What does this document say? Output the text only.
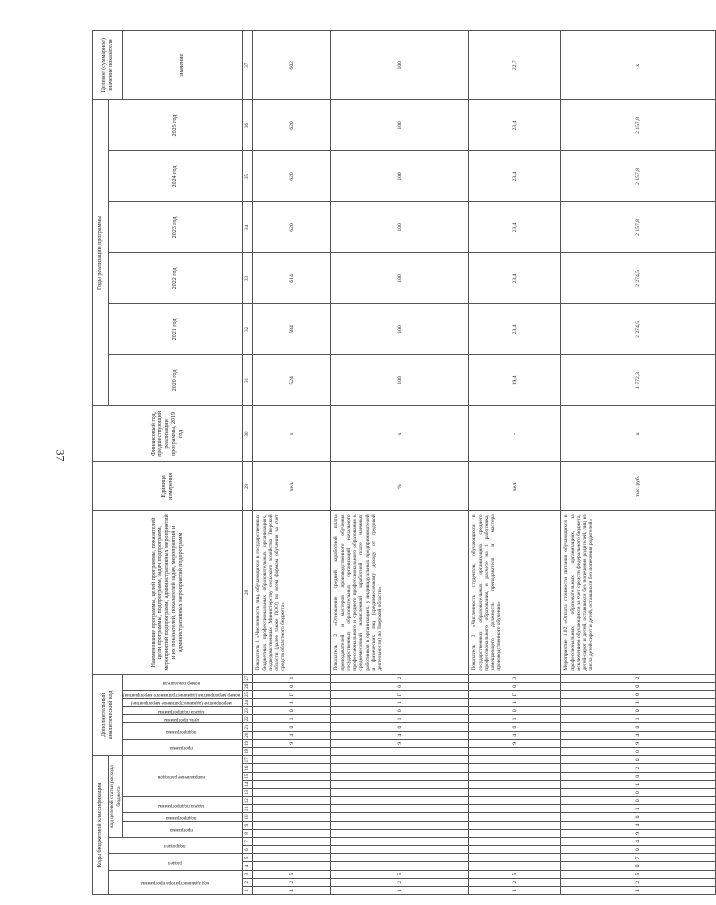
37
Коды бюджетной классификации																	Дополнительный аналитический код										Наименование программы, целей программы, показателей цели программы, подпрограмм, задач подпрограмм, мероприятий подпрограмм, административных мероприятий и их показателей, показателей задач, мероприятий и административных мероприятий подпрограмм	Единица измерения	Финансовый год, предшествующий реализации программы, 2019 год	Годы реализации программы						Целевое (суммарное) значение показателя
код администратора программы			раздел		подраздел		код целевой статьи расхода бюджета																							2020 год	2021 год	2022 год	2023 год	2024 год	2025 год	
							программа		подпрограмма	задача подпрограммы		направление расходов					программа		подпрограмма		цель программы	задача подпрограммы	мероприятие (административное мероприятие)	номер мероприятия (административного мероприятия)	номер показателя											значение
1	2	3	4	5	6	7	8	9	10	11	12	13	14	15	16	17	18	19	20	21	22	23	24	25	26	27	28	29	30	31	32	33	34	35	36	37
1	2	5																9	4	0	1	0	1	Г	0	1	Показатель 1 «Численность лиц, обучающихся в государственных бюджетных профессиональных образовательных организациях, подведомственных Министерству сельского хозяйства Тверской области (далее также ПОО) по всем формам обучения за счет средств областного бюджета»	чел.	х	524	584	614	620	620	620	602
1	2	5																9	4	0	1	0	1	Г	0	2	Показатель 2 «Отношение средней заработной платы преподавателей и мастеров производственного обучения государственных образовательных организаций начального профессионального и среднего профессионального образования к среднемесячной начисленной заработной плате наемных работников в организациях, у индивидуальных предпринимателей и физических лиц (среднемесячному доходу от трудовой деятельности) по Тверской области»	%	х	100	100	100	100	100	100	100
1	2	5																9	4	0	1	0	1	Г	0	3	Показатель 3 «Численность студентов, обучающихся в государственных образовательных организациях среднего профессионального образования, в расчете на 1 работника, замещающего должность преподавателя и мастера производственного обучения»	чел.	-	19,4	23,4	23,4	23,4	23,4	23,4	22,7
1	2	5	0	7	0	4	9	4	0	1	0	0	1	0	2	0	0	9	4	0	1	0	1	0	0	2	Мероприятие 1.02 «Оплата стоимости питания обучающихся в профессиональных образовательных организациях, за исключением обучающихся за счет средств федерального бюджета, детей-сирот и детей, оставшихся без попечения родителей, лиц из числа детей-сирот и детей, оставшихся без попечения родителей»	тыс. руб.	х	1 772,3	2 274,5	2 274,5	2 157,8	2 157,8	2 157,8	х
